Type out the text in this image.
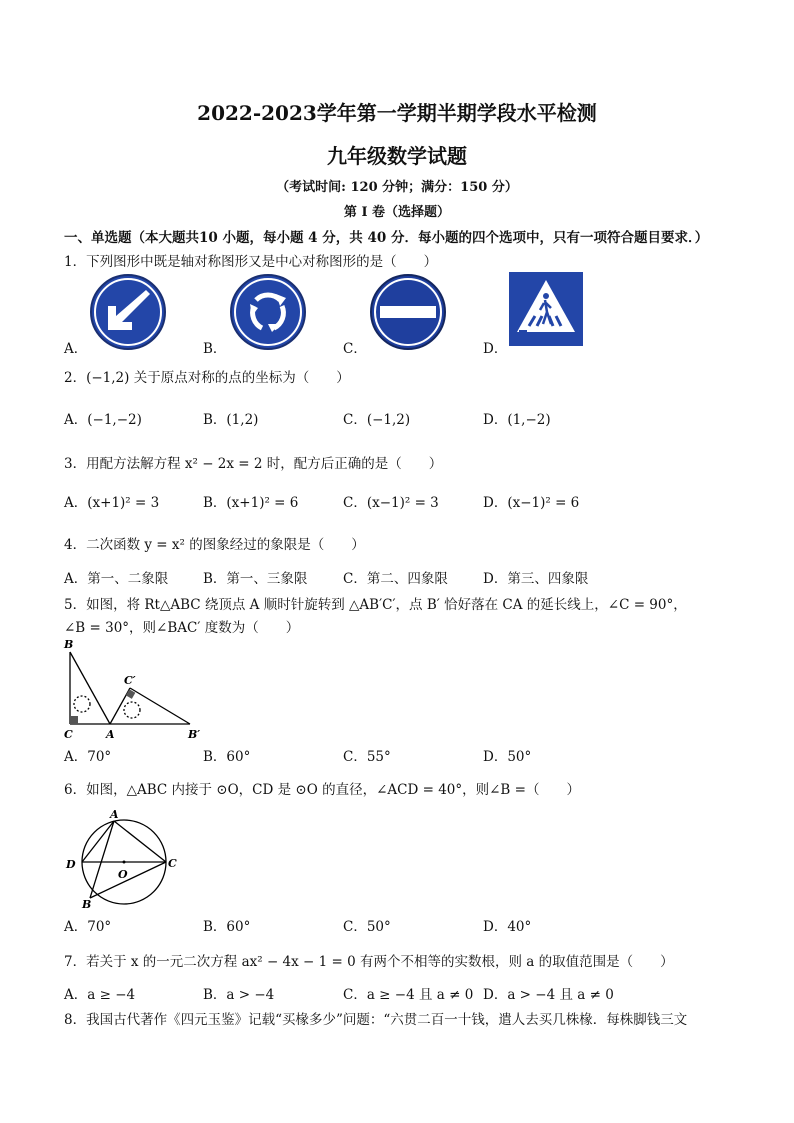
2022-2023学年第一学期半期学段水平检测
九年级数学试题
（考试时间: 120 分钟；满分：150 分）
第 I 卷（选择题）
一、单选题（本大题共10 小题，每小题 4 分，共 40 分．每小题的四个选项中，只有一项符合题目要求．）
1．下列图形中既是轴对称图形又是中心对称图形的是（　　）
A．	B．	C．	D．
2．(−1,2) 关于原点对称的点的坐标为（　　）
A．(−1,−2)	B．(1,2)	C．(−1,2)	D．(1,−2)
3．用配方法解方程 x² − 2x = 2 时，配方后正确的是（　　）
A．(x+1)² = 3	B．(x+1)² = 6	C．(x−1)² = 3	D．(x−1)² = 6
4．二次函数 y = x² 的图象经过的象限是（　　）
A．第一、二象限	B．第一、三象限	C．第二、四象限	D．第三、四象限
5．如图，将 Rt△ABC 绕顶点 A 顺时针旋转到 △AB′C′，点 B′ 恰好落在 CA 的延长线上，∠C = 90°，
∠B = 30°，则∠BAC′ 度数为（　　）
B
C	A
C′
B′
A．70°	B．60°	C．55°	D．50°
6．如图，△ABC 内接于 ⊙O，CD 是 ⊙O 的直径，∠ACD = 40°，则∠B =（　　）
A
D
O
C
B
A．70°	B．60°	C．50°	D．40°
7．若关于 x 的一元二次方程 ax² − 4x − 1 = 0 有两个不相等的实数根，则 a 的取值范围是（　　）
A．a ≥ −4	B．a > −4	C．a ≥ −4 且 a ≠ 0 D．a > −4 且 a ≠ 0
8．我国古代著作《四元玉鉴》记载“买椽多少”问题：“六贯二百一十钱，遣人去买几株椽．每株脚钱三文
